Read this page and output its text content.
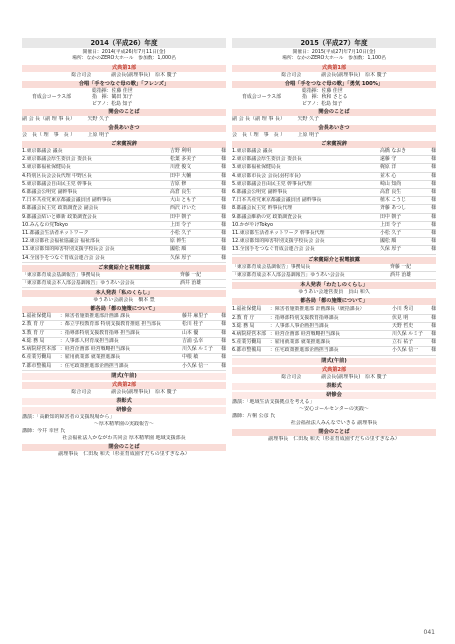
2014（平成26）年度
開催日：2014(平成26)年7月11日(金)
場所：なかのZERO大ホール　参加数：1,000名
式典第1部
総合司会　　　　副会長(副理事長)　原木 慶子
合唱「手をつなぐ母の歌」「フレンズ」
育成会コーラス部
総指揮：佐藤 佳世
指　揮：鶴田 知子
ピアノ：松島 知子
開会のことば
副 会 長（副 理 事 長）　　　矢野 久子
会長あいさつ
会　長（ 理　事　長 ）　　　上原 明子
ご来賓祝辞
1.東京都議会 議長	吉野 利明	様
2.東京都議会厚生委員会 委員長	松葉 多美子	様
3.東京都福祉保健局長	川澄 俊文	様
4.特別区長会会長代理 中野区長	田中 大輔	様
5.東京都議会自由民主党 幹事長	吉原 修	様
6.都議会公明党 副幹事長	高倉 良生	様
7.日本共産党東京都議会議員団 副幹事長	大山 とも子	様
8.都議会民主党 政策調査会 副会長	西沢 けいた	様
9.都議会結いと維新 政策調査会長	田中 朝子	様
10.みんなの党Tokyo	上田 令子	様
11.都議会生活者ネットワーク	小松 久子	様
12.東京都社会福祉協議会 福祉部長	原 幹生	様
13.東京都知的障害特別支援学校長会 会長	國松 順	様
14.全国手をつなぐ育成会連合会 会長	久保 厚子	様
ご来賓紹介と祝電披露
「東京都育成会基調報告」事務局長	齊藤 一紀
「東京都育成会本人部会基調報告」ゆうあい会会長	酒井 治雄
本人発表「私のくらし」
ゆうあい会副会長　橋本 豊
都各局「都の施策について」
1.福祉保健局	：障害者施策推進部計画課 課長	藤井 麻里子	様
2.教 育 庁	：都立学校教育部 特別支援教育推進 担当部長	松川 桂子	様
3.教 育 庁	：指導部特別支援教育指導 担当課長	山本 優	様
4.総 務 局	：人事部人材育成担当課長	吉浦 弘幸	様
5.病院経営本部 ：経営企画部 経営戦略担当課長	川久保 ルミ子	様
6.産業労働局	：雇用就業部 就業推進課長	中根 敏	様
7.都市整備局	：住宅政策推進部企画担当課長	小久保 信一	様
閉式(午前)
式典第2部
総合司会　　　　副会長(副理事長)　原木 慶子
表彰式
研修会
講演：「高齢知的障害者の支援現場から」
～厚木精華園の実践報告～
講師：今井 幸世 氏
社会福祉法人かながわ共同会 厚木精華園 地域支援部長
閉会のことば
副理事長　仁田坂 和夫（杉並育成園すだちの里すぎなみ）
2015（平成27）年度
開催日：2015(平成27)年7月10日(金)
場所：なかのZERO大ホール　参加数：1,100名
式典第1部
総合司会　　　　副会長(副理事長)　原木 慶子
合唱「手をつなぐ母の歌」「勇気 100%」
育成会コーラス部
総指揮：佐藤 佳世
指　揮：秋和 さとる
ピアノ：松島 知子
開会のことば
副 会 長（副 理 事 長）　　　矢野 久子
会長あいさつ
会　長（ 理　事　長 ）　　　上原 明子
ご来賓祝辞
1.東京都議会 議長	高橋 なおき	様
2.東京都議会厚生委員会 委員長	遠藤 守	様
3.東京都福祉保健局長	梶原 洋	様
4.東京都市長会 会長(羽村市長)	並木 心	様
5.東京都議会自由民主党 幹事長代理	崎山 知尚	様
6.都議会公明党 副幹事長	高倉 良生	様
7.日本共産党東京都議会議員団 副幹事長	植木 こうじ	様
8.都議会民主党 幹事長代理	斉藤 あつし	様
9.都議会維新の党 政策調査会長	田中 朝子	様
10.かがやけTokyo	上田 令子	様
11.東京都生活者ネットワーク 幹事長代理	小松 久子	様
12.東京都知的障害特別支援学校長会 会長	國松 順	様
13.全国手をつなぐ育成会連合会 会長	久保 厚子	様
ご来賓紹介と祝電披露
「東京都育成会基調報告」事務局長	齊藤 一紀
「東京都育成会本人部会基調報告」ゆうあい会会長	酒井 治雄
本人発表「わたしのくらし」
ゆうあい会運営委員　員山 和久
都各局「都の施策について」
1.福祉保健局	：障害者施策推進部 計画課長（統括課長）	小川 秀司	様
2.教 育 庁	：指導部特別支援教育指導課長	伏見 明	様
3.総 務 局	：人事部人事企画担当課長	天野 哲史	様
4.病院経営本部 ：経営企画部 経営戦略担当課長	川久保 ルミ子	様
5.産業労働局	：雇用就業部 就業推進課長	立石 祐子	様
6.都市整備局	：住宅政策推進部企画担当課長	小久保 信一	様
閉式(午前)
式典第2部
総合司会　　　　副会長(副理事長)　原木 慶子
表彰式
研修会
講演：「地域生活支援拠点を考える」
～安心コールセンターの実践～
講師：片桐 公彦 氏
社会福祉法人みんなでいきる 副理事長
閉会のことば
副理事長　仁田坂 和夫（杉並育成園すだちの里すぎなみ）
041
